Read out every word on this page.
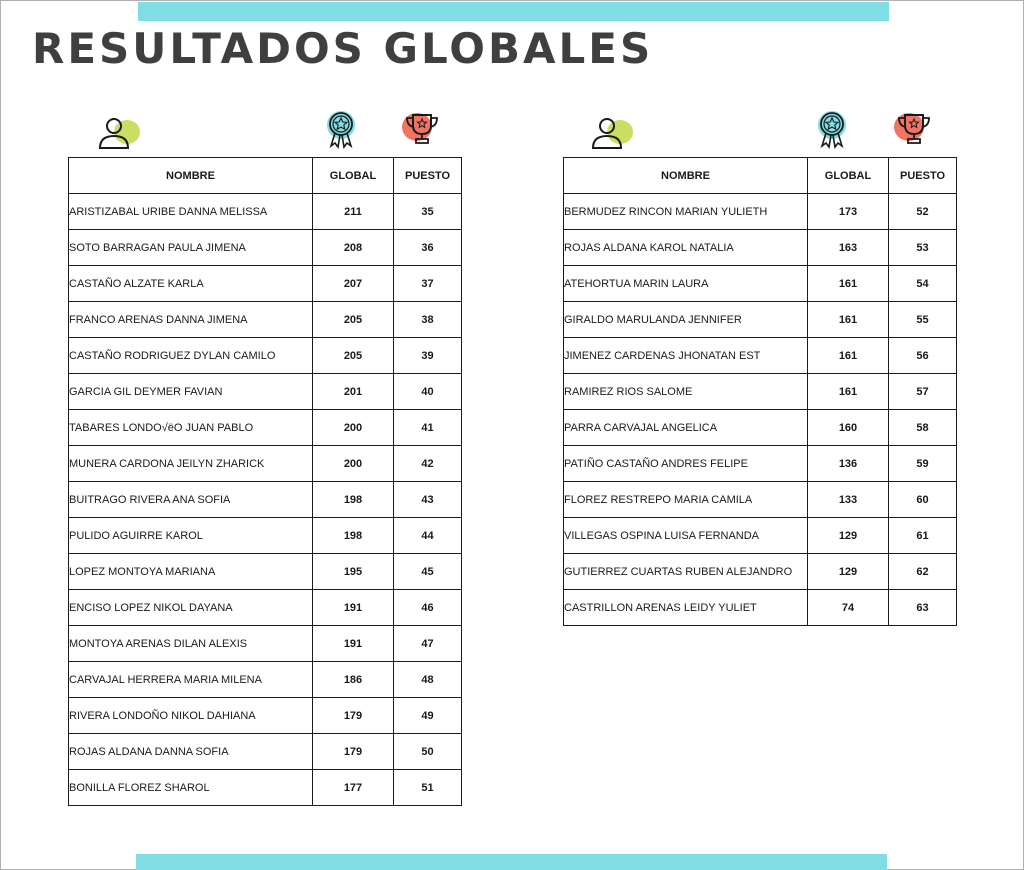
RESULTADOS GLOBALES
NOMBRE	GLOBAL	PUESTO
ARISTIZABAL URIBE DANNA MELISSA	211	35
SOTO BARRAGAN PAULA JIMENA	208	36
CASTAÑO ALZATE KARLA	207	37
FRANCO ARENAS DANNA JIMENA	205	38
CASTAÑO RODRIGUEZ DYLAN CAMILO	205	39
GARCIA GIL DEYMER FAVIAN	201	40
TABARES LONDO√ëO JUAN PABLO	200	41
MUNERA CARDONA JEILYN ZHARICK	200	42
BUITRAGO RIVERA ANA SOFIA	198	43
PULIDO AGUIRRE KAROL	198	44
LOPEZ MONTOYA MARIANA	195	45
ENCISO LOPEZ NIKOL DAYANA	191	46
MONTOYA ARENAS DILAN ALEXIS	191	47
CARVAJAL HERRERA MARIA MILENA	186	48
RIVERA LONDOÑO NIKOL DAHIANA	179	49
ROJAS ALDANA DANNA SOFIA	179	50
BONILLA FLOREZ SHAROL	177	51
NOMBRE	GLOBAL	PUESTO
BERMUDEZ RINCON MARIAN YULIETH	173	52
ROJAS ALDANA KAROL NATALIA	163	53
ATEHORTUA MARIN LAURA	161	54
GIRALDO MARULANDA JENNIFER	161	55
JIMENEZ CARDENAS JHONATAN EST	161	56
RAMIREZ RIOS SALOME	161	57
PARRA CARVAJAL ANGELICA	160	58
PATIÑO CASTAÑO ANDRES FELIPE	136	59
FLOREZ RESTREPO MARIA CAMILA	133	60
VILLEGAS OSPINA LUISA FERNANDA	129	61
GUTIERREZ CUARTAS RUBEN ALEJANDRO	129	62
CASTRILLON ARENAS LEIDY YULIET	74	63
